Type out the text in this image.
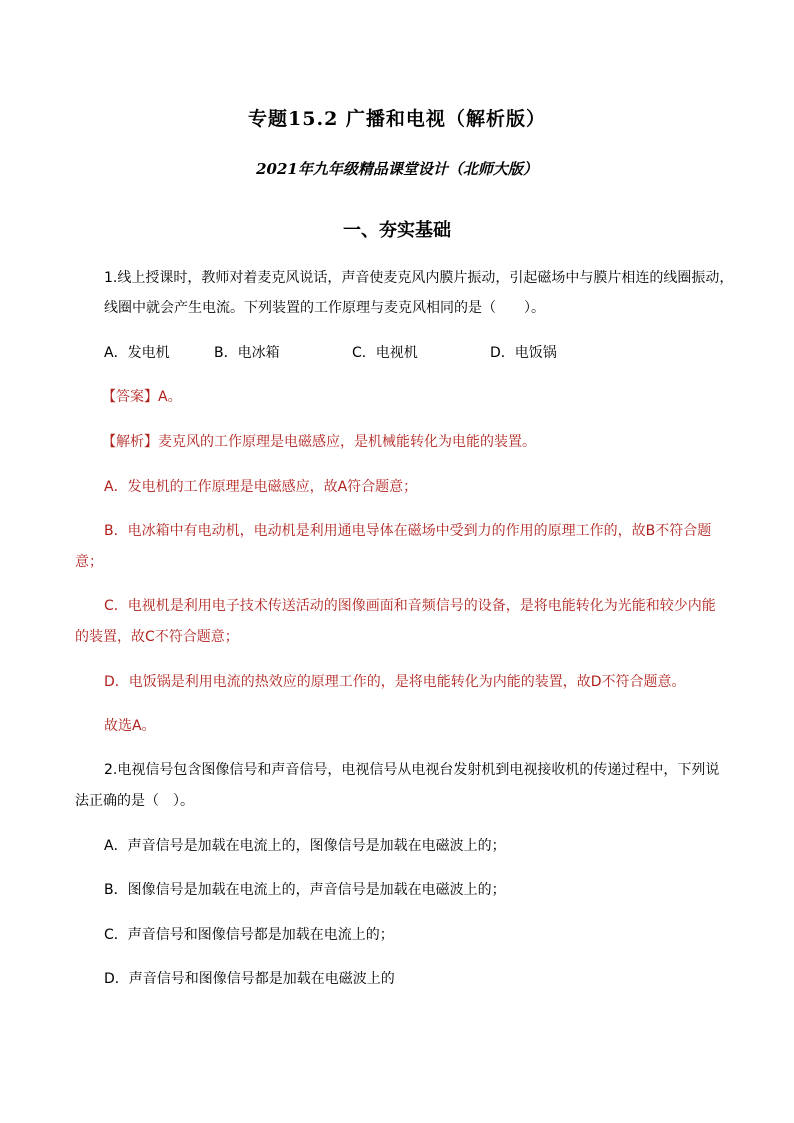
专题15.2 广播和电视（解析版）
2021年九年级精品课堂设计（北师大版）
一、夯实基础
1.线上授课时，教师对着麦克风说话，声音使麦克风内膜片振动，引起磁场中与膜片相连的线圈振动，
线圈中就会产生电流。下列装置的工作原理与麦克风相同的是（　　）。
A．发电机	B．电冰箱	C．电视机	D．电饭锅
【答案】A。
【解析】麦克风的工作原理是电磁感应，是机械能转化为电能的装置。
A．发电机的工作原理是电磁感应，故A符合题意；
B．电冰箱中有电动机，电动机是利用通电导体在磁场中受到力的作用的原理工作的，故B不符合题
意；
C．电视机是利用电子技术传送活动的图像画面和音频信号的设备，是将电能转化为光能和较少内能
的装置，故C不符合题意；
D．电饭锅是利用电流的热效应的原理工作的，是将电能转化为内能的装置，故D不符合题意。
故选A。
2.电视信号包含图像信号和声音信号，电视信号从电视台发射机到电视接收机的传递过程中，下列说
法正确的是（　）。
A．声音信号是加载在电流上的，图像信号是加载在电磁波上的；
B．图像信号是加载在电流上的，声音信号是加载在电磁波上的；
C．声音信号和图像信号都是加载在电流上的；
D．声音信号和图像信号都是加载在电磁波上的
